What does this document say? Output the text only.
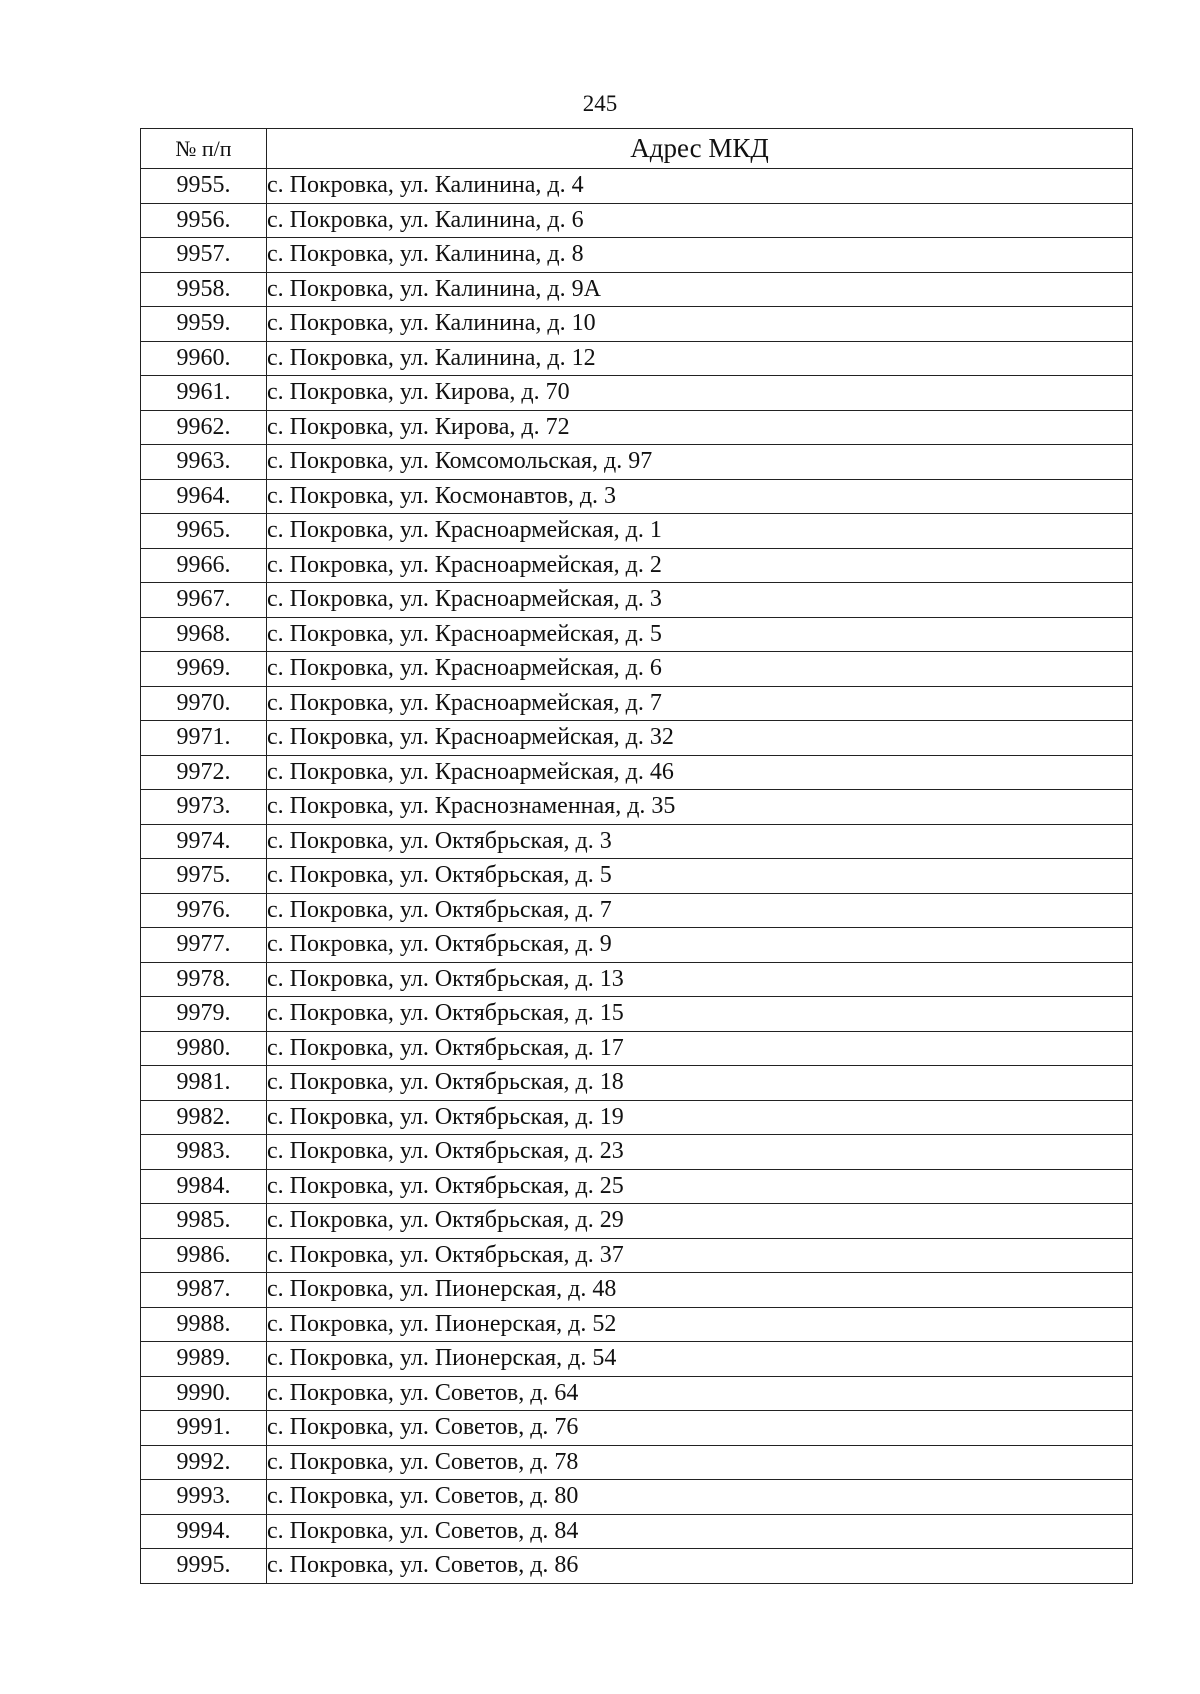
245
№ п/п	Адрес МКД
9955.	с. Покровка, ул. Калинина, д. 4
9956.	с. Покровка, ул. Калинина, д. 6
9957.	с. Покровка, ул. Калинина, д. 8
9958.	с. Покровка, ул. Калинина, д. 9А
9959.	с. Покровка, ул. Калинина, д. 10
9960.	с. Покровка, ул. Калинина, д. 12
9961.	с. Покровка, ул. Кирова, д. 70
9962.	с. Покровка, ул. Кирова, д. 72
9963.	с. Покровка, ул. Комсомольская, д. 97
9964.	с. Покровка, ул. Космонавтов, д. 3
9965.	с. Покровка, ул. Красноармейская, д. 1
9966.	с. Покровка, ул. Красноармейская, д. 2
9967.	с. Покровка, ул. Красноармейская, д. 3
9968.	с. Покровка, ул. Красноармейская, д. 5
9969.	с. Покровка, ул. Красноармейская, д. 6
9970.	с. Покровка, ул. Красноармейская, д. 7
9971.	с. Покровка, ул. Красноармейская, д. 32
9972.	с. Покровка, ул. Красноармейская, д. 46
9973.	с. Покровка, ул. Краснознаменная, д. 35
9974.	с. Покровка, ул. Октябрьская, д. 3
9975.	с. Покровка, ул. Октябрьская, д. 5
9976.	с. Покровка, ул. Октябрьская, д. 7
9977.	с. Покровка, ул. Октябрьская, д. 9
9978.	с. Покровка, ул. Октябрьская, д. 13
9979.	с. Покровка, ул. Октябрьская, д. 15
9980.	с. Покровка, ул. Октябрьская, д. 17
9981.	с. Покровка, ул. Октябрьская, д. 18
9982.	с. Покровка, ул. Октябрьская, д. 19
9983.	с. Покровка, ул. Октябрьская, д. 23
9984.	с. Покровка, ул. Октябрьская, д. 25
9985.	с. Покровка, ул. Октябрьская, д. 29
9986.	с. Покровка, ул. Октябрьская, д. 37
9987.	с. Покровка, ул. Пионерская, д. 48
9988.	с. Покровка, ул. Пионерская, д. 52
9989.	с. Покровка, ул. Пионерская, д. 54
9990.	с. Покровка, ул. Советов, д. 64
9991.	с. Покровка, ул. Советов, д. 76
9992.	с. Покровка, ул. Советов, д. 78
9993.	с. Покровка, ул. Советов, д. 80
9994.	с. Покровка, ул. Советов, д. 84
9995.	с. Покровка, ул. Советов, д. 86
